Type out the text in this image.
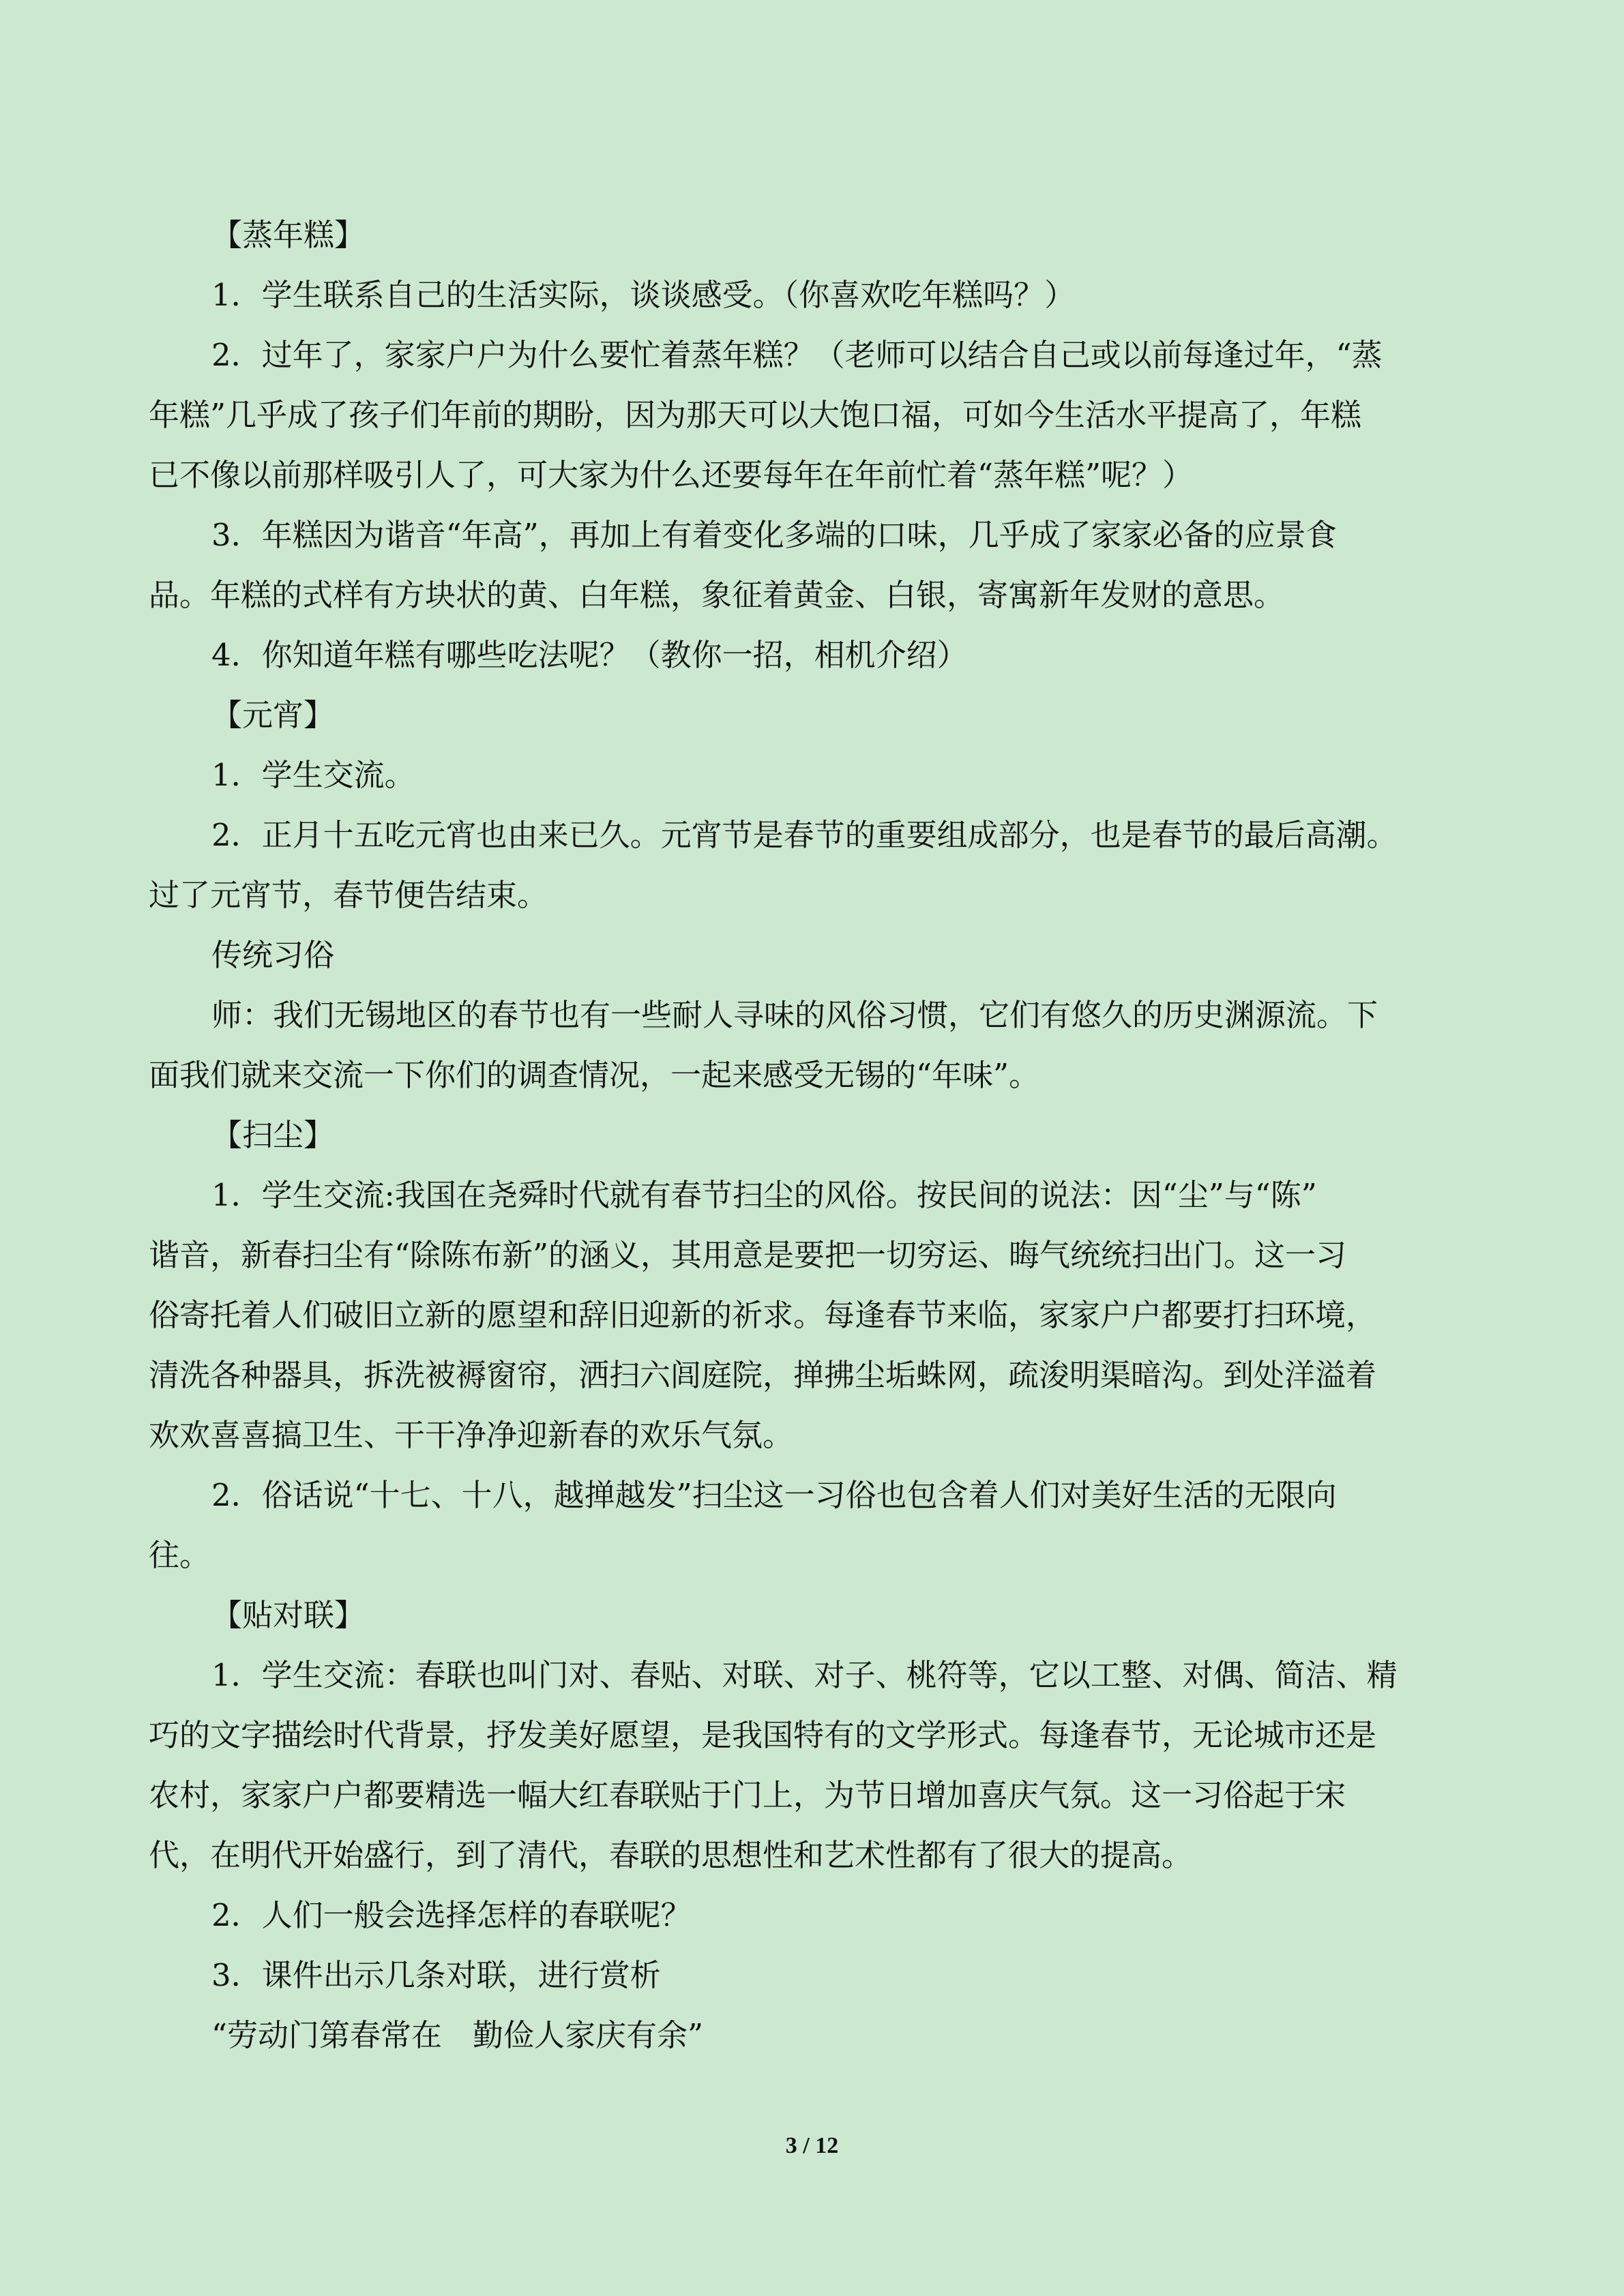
【蒸年糕】

1．学生联系自己的生活实际，谈谈感受。（你喜欢吃年糕吗？）

2．过年了，家家户户为什么要忙着蒸年糕？（老师可以结合自己或以前每逢过年，“蒸

年糕”几乎成了孩子们年前的期盼，因为那天可以大饱口福，可如今生活水平提高了，年糕

已不像以前那样吸引人了，可大家为什么还要每年在年前忙着“蒸年糕”呢？）

3．年糕因为谐音“年高”，再加上有着变化多端的口味，几乎成了家家必备的应景食

品。年糕的式样有方块状的黄、白年糕，象征着黄金、白银，寄寓新年发财的意思。

4．你知道年糕有哪些吃法呢？（教你一招，相机介绍）

【元宵】

1．学生交流。

2．正月十五吃元宵也由来已久。元宵节是春节的重要组成部分，也是春节的最后高潮。

过了元宵节，春节便告结束。

传统习俗

师：我们无锡地区的春节也有一些耐人寻味的风俗习惯，它们有悠久的历史渊源流。下

面我们就来交流一下你们的调查情况，一起来感受无锡的“年味”。

【扫尘】

1．学生交流:我国在尧舜时代就有春节扫尘的风俗。按民间的说法：因“尘”与“陈”

谐音，新春扫尘有“除陈布新”的涵义，其用意是要把一切穷运、晦气统统扫出门。这一习

俗寄托着人们破旧立新的愿望和辞旧迎新的祈求。每逢春节来临，家家户户都要打扫环境，

清洗各种器具，拆洗被褥窗帘，洒扫六闾庭院，掸拂尘垢蛛网，疏浚明渠暗沟。到处洋溢着

欢欢喜喜搞卫生、干干净净迎新春的欢乐气氛。

2．俗话说“十七、十八，越掸越发”扫尘这一习俗也包含着人们对美好生活的无限向

往。

【贴对联】

1．学生交流：春联也叫门对、春贴、对联、对子、桃符等，它以工整、对偶、简洁、精

巧的文字描绘时代背景，抒发美好愿望，是我国特有的文学形式。每逢春节，无论城市还是

农村，家家户户都要精选一幅大红春联贴于门上，为节日增加喜庆气氛。这一习俗起于宋

代，在明代开始盛行，到了清代，春联的思想性和艺术性都有了很大的提高。

2．人们一般会选择怎样的春联呢？

3．课件出示几条对联，进行赏析

“劳动门第春常在　勤俭人家庆有余”

3 / 12
